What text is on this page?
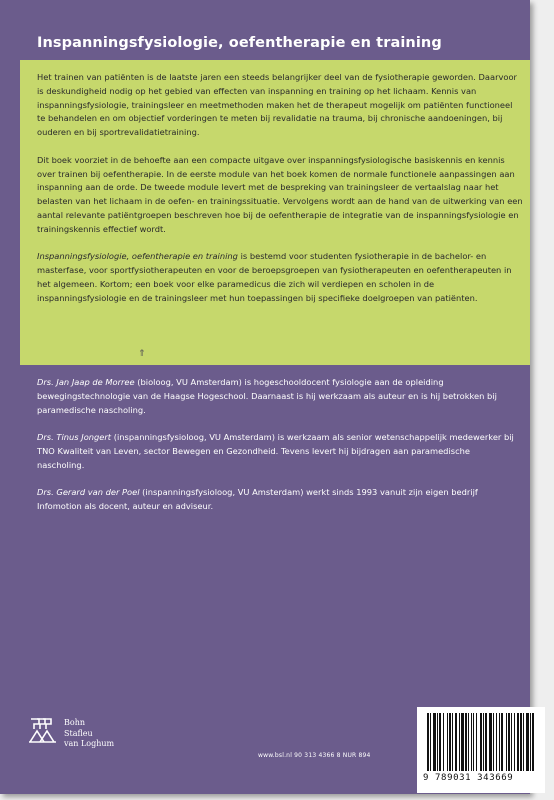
Inspanningsfysiologie, oefentherapie en training

Het trainen van patiënten is de laatste jaren een steeds belangrijker deel van de fysiotherapie geworden. Daarvoor is deskundigheid nodig op het gebied van effecten van inspanning en training op het lichaam. Kennis van inspanningsfysiologie, trainingsleer en meetmethoden maken het de therapeut mogelijk om patiënten functioneel te behandelen en om objectief vorderingen te meten bij revalidatie na trauma, bij chronische aandoeningen, bij ouderen en bij sportrevalidatietraining.

Dit boek voorziet in de behoefte aan een compacte uitgave over inspanningsfysiologische basiskennis en kennis over trainen bij oefentherapie. In de eerste module van het boek komen de normale functionele aanpassingen aan inspanning aan de orde. De tweede module levert met de bespreking van trainingsleer de vertaalslag naar het belasten van het lichaam in de oefen- en trainingssituatie. Vervolgens wordt aan de hand van de uitwerking van een aantal relevante patiëntgroepen beschreven hoe bij de oefentherapie de integratie van de inspanningsfysiologie en trainingskennis effectief wordt.

Inspanningsfysiologie, oefentherapie en training is bestemd voor studenten fysiotherapie in de bachelor- en masterfase, voor sportfysiotherapeuten en voor de beroepsgroepen van fysiotherapeuten en oefentherapeuten in het algemeen. Kortom; een boek voor elke paramedicus die zich wil verdiepen en scholen in de inspanningsfysiologie en de trainingsleer met hun toepassingen bij specifieke doelgroepen van patiënten.

⇑

Drs. Jan Jaap de Morree (bioloog, VU Amsterdam) is hogeschooldocent fysiologie aan de opleiding bewegingstechnologie van de Haagse Hogeschool. Daarnaast is hij werkzaam als auteur en is hij betrokken bij paramedische nascholing.

Drs. Tinus Jongert (inspanningsfysioloog, VU Amsterdam) is werkzaam als senior wetenschappelijk medewerker bij TNO Kwaliteit van Leven, sector Bewegen en Gezondheid. Tevens levert hij bijdragen aan paramedische nascholing.

Drs. Gerard van der Poel (inspanningsfysioloog, VU Amsterdam) werkt sinds 1993 vanuit zijn eigen bedrijf Infomotion als docent, auteur en adviseur.

Bohn
Stafleu
van Loghum
www.bsl.nl 90 313 4366 8 NUR 894
9 789031 343669
